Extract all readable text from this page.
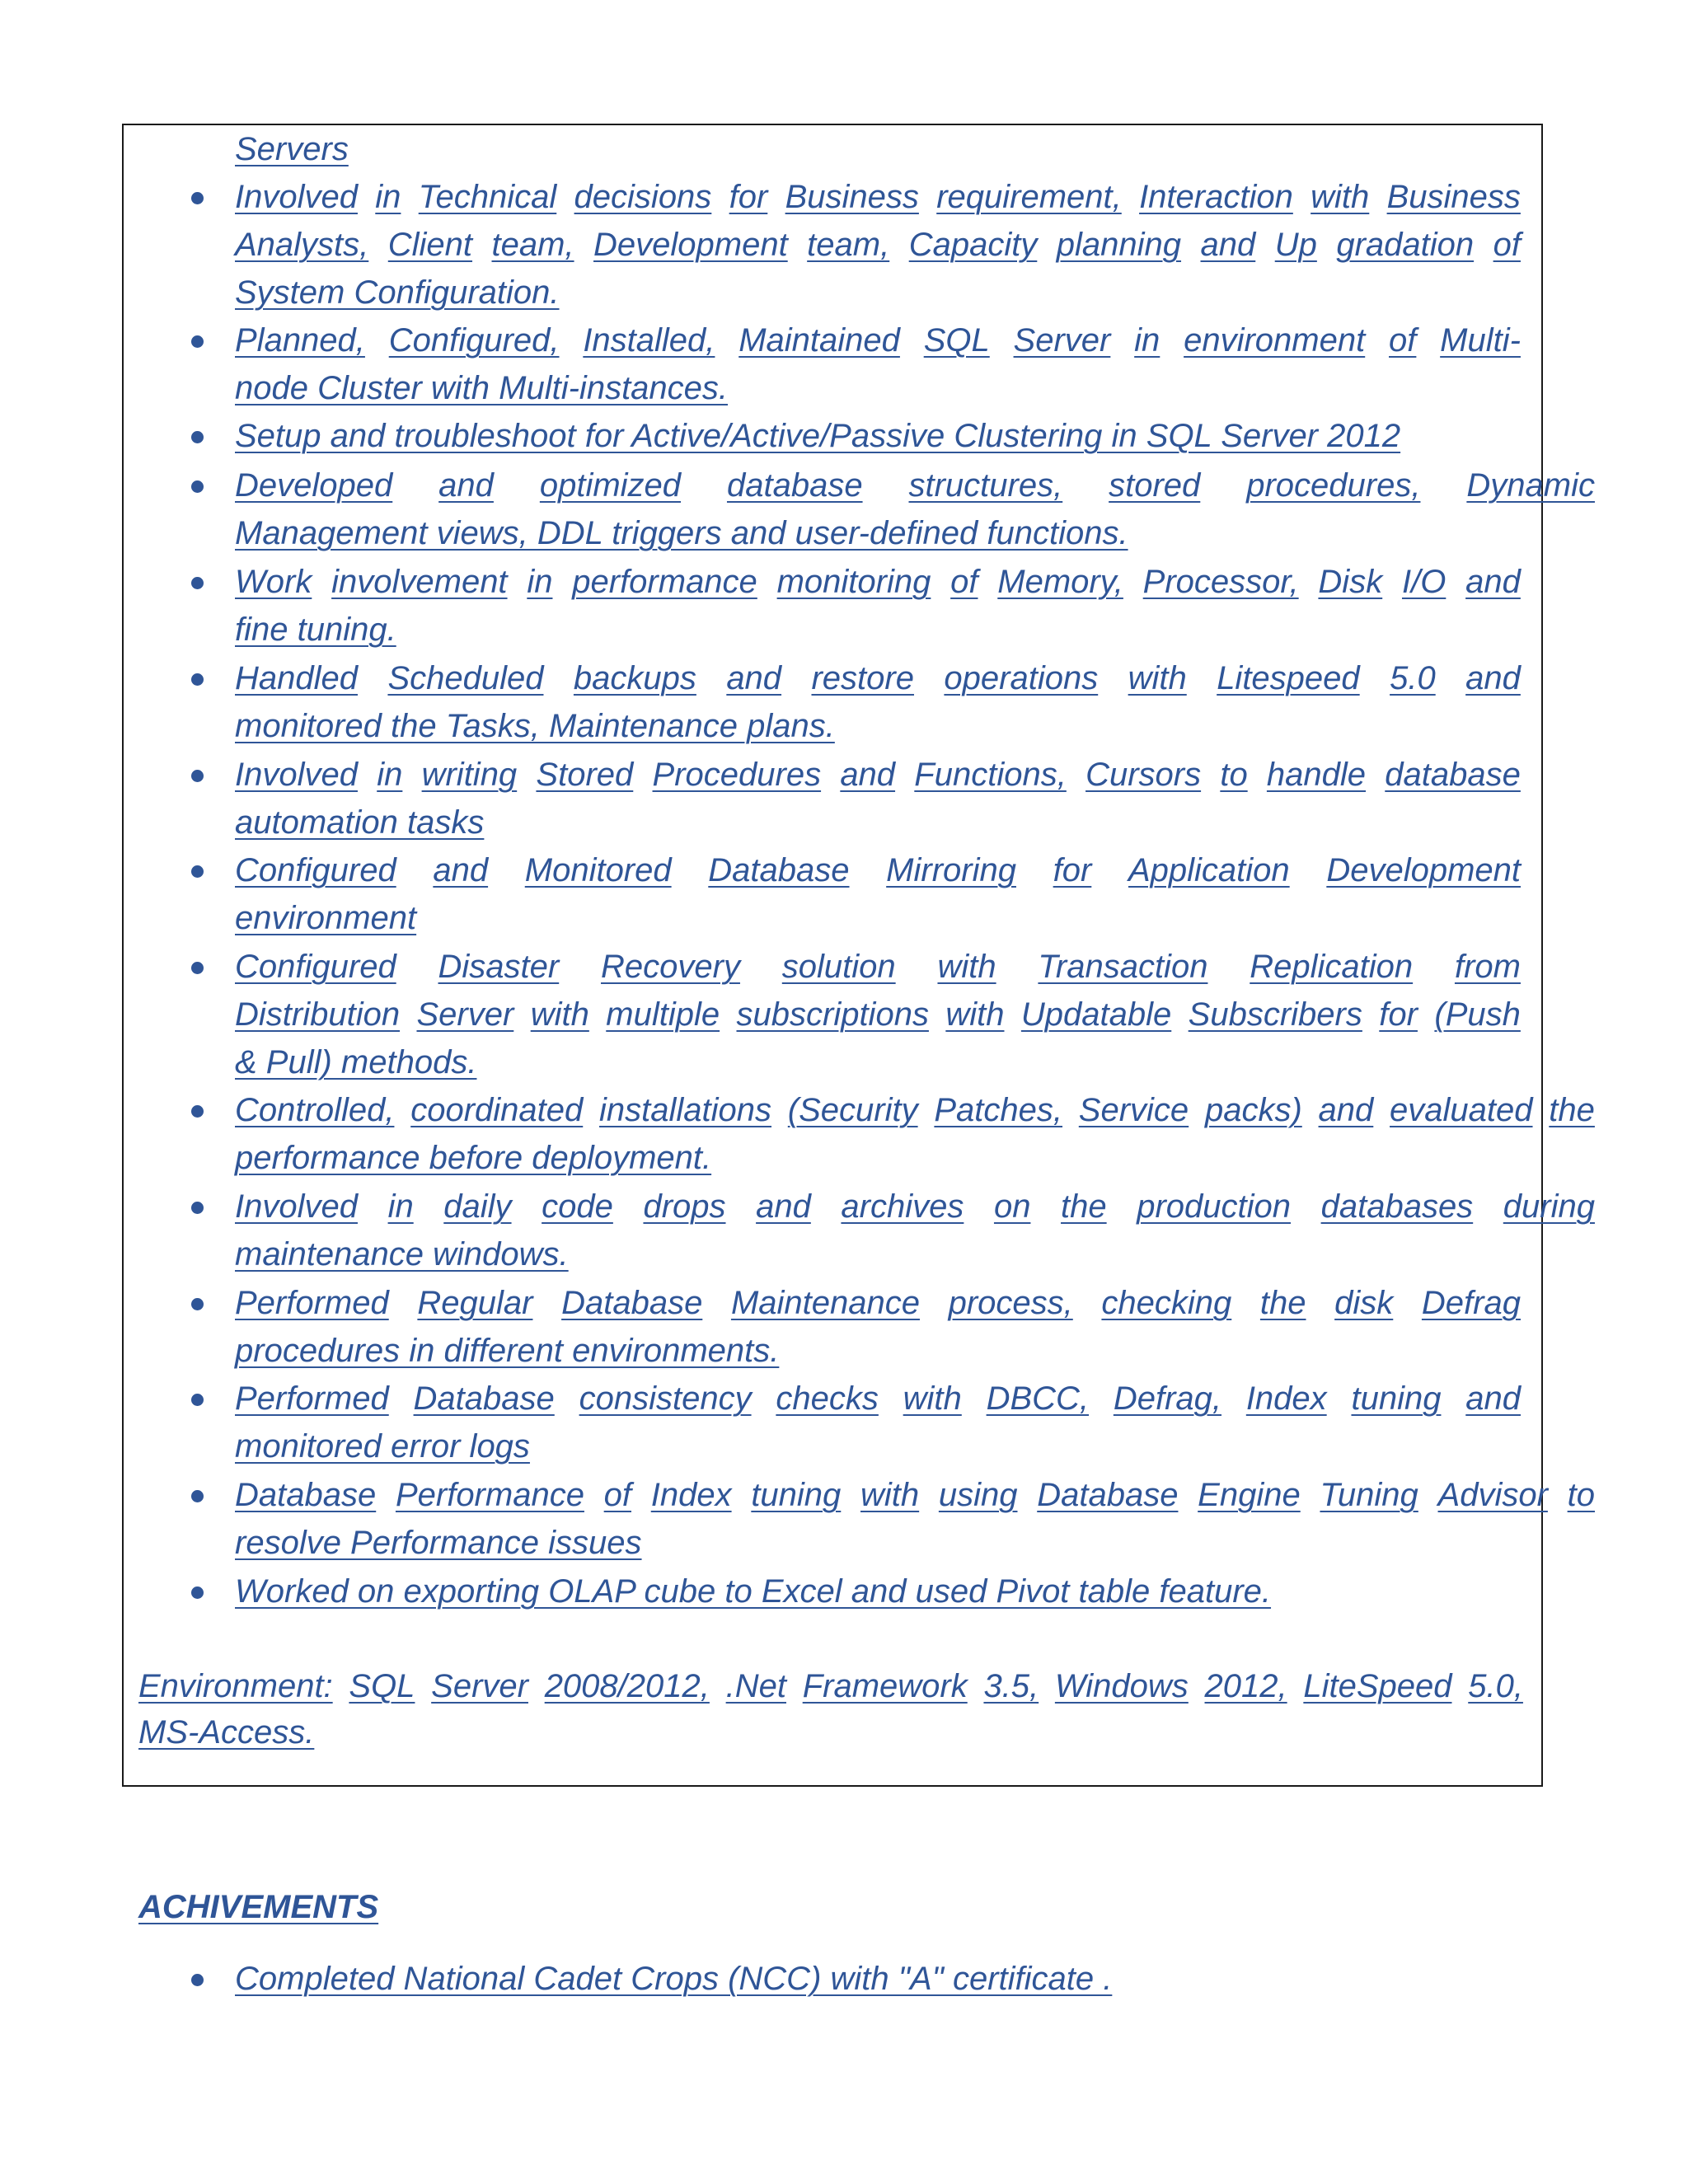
Servers
Involved in Technical decisions for Business requirement, Interaction with Business
Analysts, Client team, Development team, Capacity planning and Up gradation of
System Configuration.
Planned, Configured, Installed, Maintained SQL Server in environment of Multi-
node Cluster with Multi-instances.
Setup and troubleshoot for Active/Active/Passive Clustering in SQL Server 2012
Developed and optimized database structures, stored procedures, Dynamic
Management views, DDL triggers and user-defined functions.
Work involvement in performance monitoring of Memory, Processor, Disk I/O and
fine tuning.
Handled Scheduled backups and restore operations with Litespeed 5.0 and
monitored the Tasks, Maintenance plans.
Involved in writing Stored Procedures and Functions, Cursors to handle database
automation tasks
Configured and Monitored Database Mirroring for Application Development
environment
Configured Disaster Recovery solution with Transaction Replication from
Distribution Server with multiple subscriptions with Updatable Subscribers for (Push
& Pull) methods.
Controlled, coordinated installations (Security Patches, Service packs) and evaluated the
performance before deployment.
Involved in daily code drops and archives on the production databases during
maintenance windows.
Performed Regular Database Maintenance process, checking the disk Defrag
procedures in different environments.
Performed Database consistency checks with DBCC, Defrag, Index tuning and
monitored error logs
Database Performance of Index tuning with using Database Engine Tuning Advisor to
resolve Performance issues
Worked on exporting OLAP cube to Excel and used Pivot table feature.
Environment: SQL Server 2008/2012, .Net Framework 3.5, Windows 2012, LiteSpeed 5.0,
MS-Access.
ACHIVEMENTS
Completed National Cadet Crops (NCC) with "A" certificate .
